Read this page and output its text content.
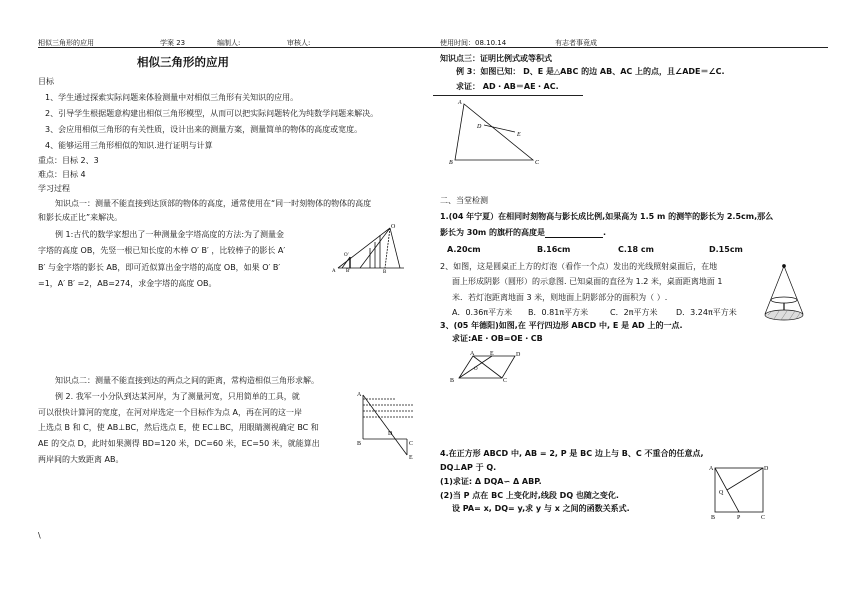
相似三角形的应用	学案 23	编制人:	审核人:	使用时间：08.10.14	有志者事竟成
相似三角形的应用
目标
1、学生通过探索实际问题来体验测量中对相似三角形有关知识的应用。
2、引导学生根据题意构建出相似三角形模型，从而可以把实际问题转化为纯数学问题来解决。
3、会应用相似三角形的有关性质，设计出来的测量方案，测量简单的物体的高度或宽度。
4、能够运用三角形相似的知识.进行证明与计算
重点：目标 2、3
难点：目标 4
学习过程
知识点一：测量不能直接到达顶部的物体的高度，通常使用在“同一时刻物体的物体的高度
和影长成正比”来解决。
例 1:古代的数学家想出了一种测量金字塔高度的方法:为了测量金
字塔的高度 OB，先竖一根已知长度的木棒 O′ B′ ，比较棒子的影长 A′
B′ 与金字塔的影长 AB，即可近似算出金字塔的高度 OB，如果 O′ B′
=1，A′ B′ =2，AB=274，求金字塔的高度 OB。
O
A B′	B
O′
知识点二：测量不能直接到达的两点之间的距离，常构造相似三角形求解。
例 2. 我军一小分队到达某河岸，为了测量河宽，只用简单的工具，就
可以很快计算河的宽度，在河对岸选定一个目标作为点 A，再在河的这一岸
上选点 B 和 C，使 AB⊥BC，然后选点 E，使 EC⊥BC，用眼睛测视确定 BC 和
AE 的交点 D，此时如果测得 BD=120 米，DC=60 米，EC=50 米，就能算出
两岸间的大致距离 AB。
A
B	C
D
E
\
知识点三：证明比例式或等积式
例 3：如图已知： D、E 是△ABC 的边 AB、AC 上的点，且∠ADE＝∠C.
求证： AD・AB＝AE・AC.
A
D
E
B	C
二、当堂检测
1.(04 年宁夏）在相同时刻物高与影长成比例,如果高为 1.5 m 的测竿的影长为 2.5cm,那么
影长为 30m 的旗杆的高度是	.
A.20cm	B.16cm	C.18 cm	D.15cm
2、如图，这是圆桌正上方的灯泡（看作一个点）发出的光线照射桌面后，在地
面上形成阴影（圆形）的示意图. 已知桌面的直径为 1.2 米，桌面距离地面 1
米．若灯泡距离地面 3 米，则地面上阴影部分的面积为（ ）.
A．0.36π平方米 B．0.81π平方米	C．2π平方米 D．3.24π平方米
3、(05 年德阳)如图,在 平行四边形 ABCD 中, E 是 AD 上的一点.
求证:AE・OB=OE・CB
A	E	D
O
B	C
4.在正方形 ABCD 中, AB = 2, P 是 BC 边上与 B、C 不重合的任意点,
DQ⊥AP 于 Q.
(1)求证: Δ DQA∽ Δ ABP.
(2)当 P 点在 BC 上变化时,线段 DQ 也随之变化.
设 PA= x, DQ= y,求 y 与 x 之间的函数关系式.
A	D
Q
B	P	C
